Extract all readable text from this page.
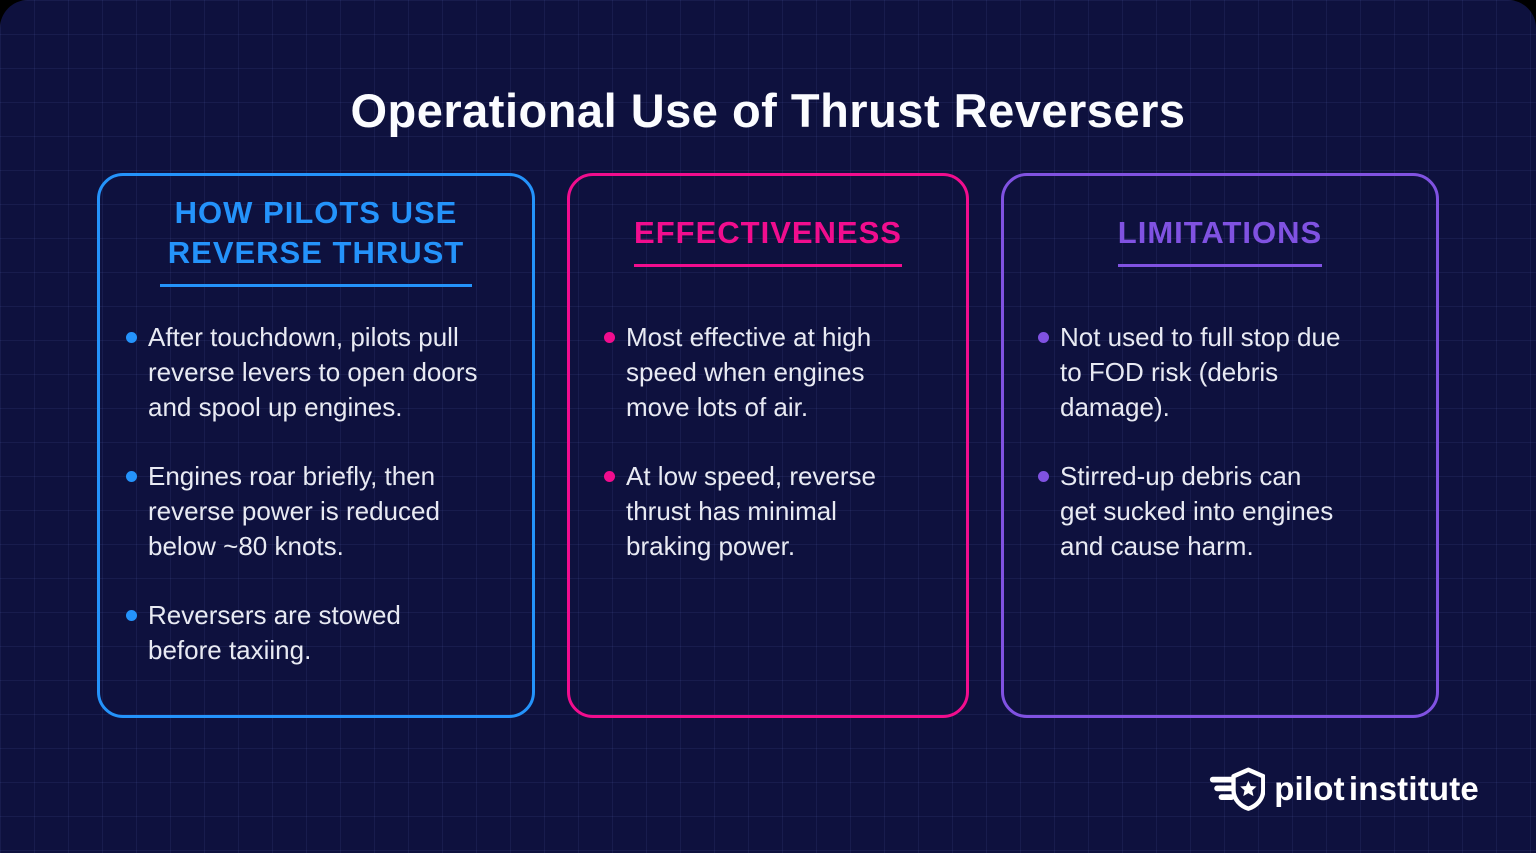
Operational Use of Thrust Reversers
HOW PILOTS USE REVERSE THRUST
After touchdown, pilots pull reverse levers to open doors and spool up engines.
Engines roar briefly, then reverse power is reduced below ~80 knots.
Reversers are stowed before taxiing.
EFFECTIVENESS
Most effective at high speed when engines move lots of air.
At low speed, reverse thrust has minimal braking power.
LIMITATIONS
Not used to full stop due to FOD risk (debris damage).
Stirred-up debris can get sucked into engines and cause harm.
pilot institute
